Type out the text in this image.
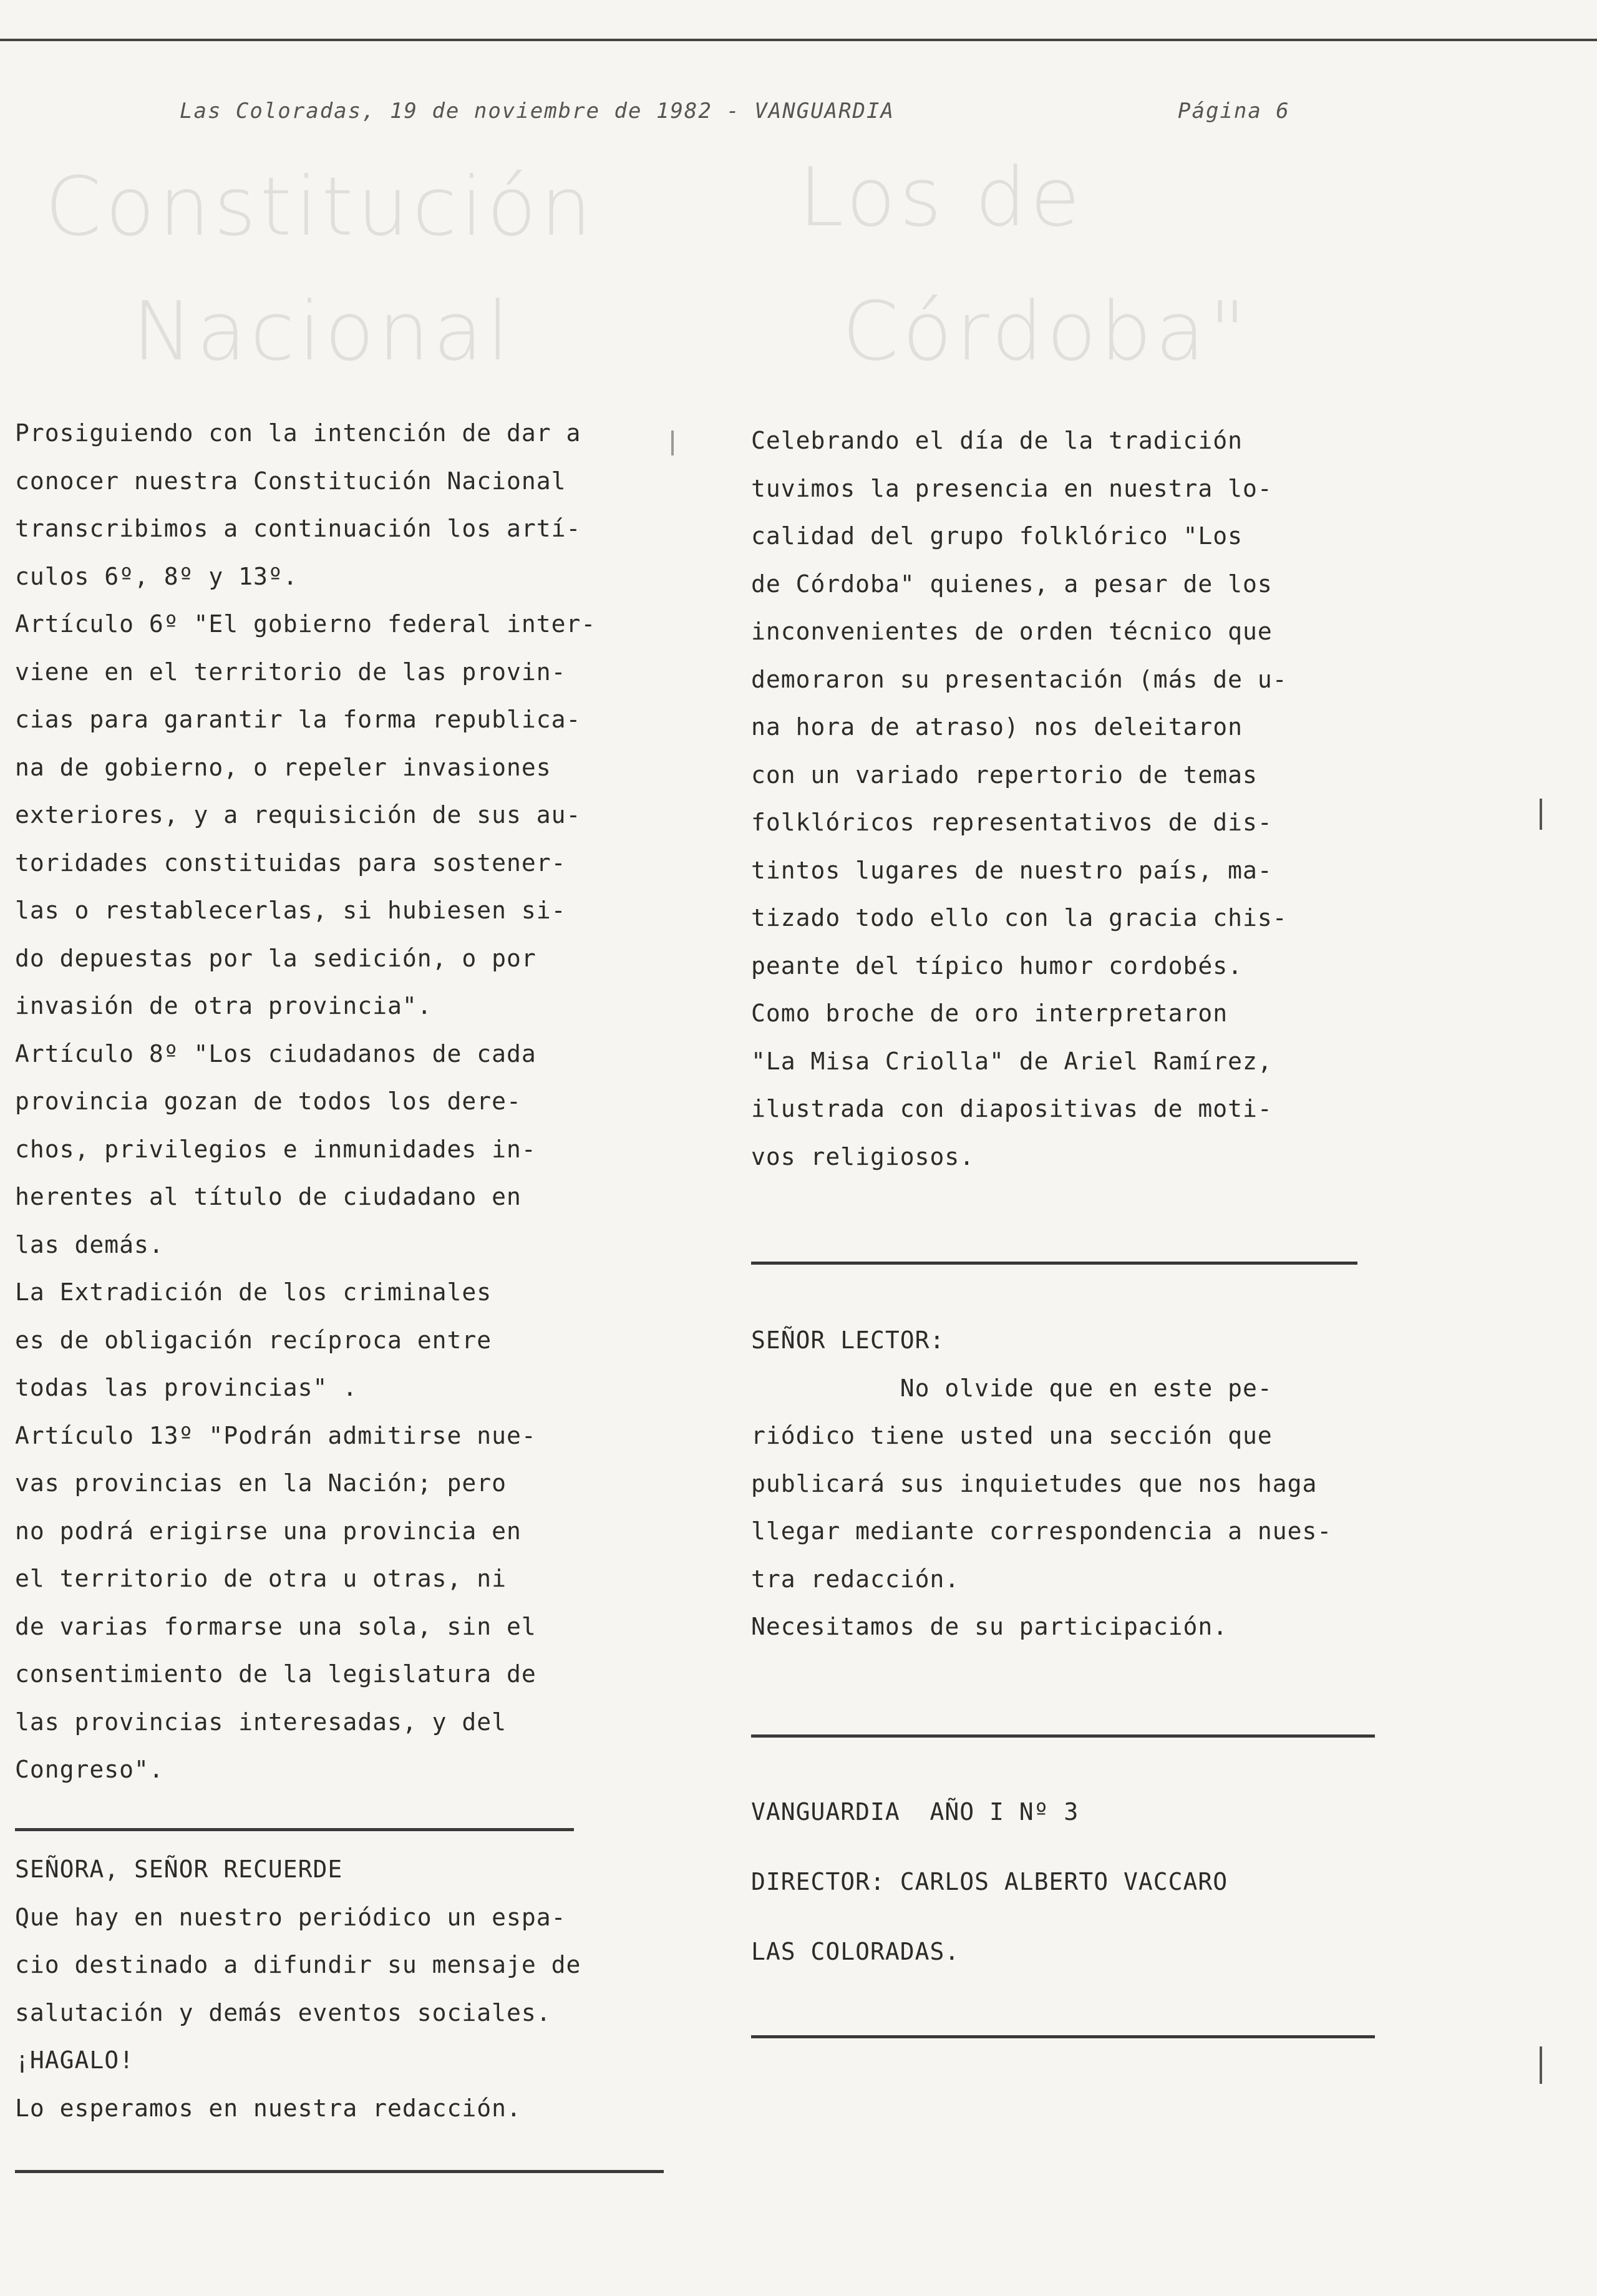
Las Coloradas, 19 de noviembre de 1982 - VANGUARDIA	Página 6
Constitución
Nacional
Los de
Córdoba"
Prosiguiendo con la intención de dar a
conocer nuestra Constitución Nacional
transcribimos a continuación los artí-
culos 6º, 8º y 13º.
Artículo 6º "El gobierno federal inter-
viene en el territorio de las provin-
cias para garantir la forma republica-
na de gobierno, o repeler invasiones
exteriores, y a requisición de sus au-
toridades constituidas para sostener-
las o restablecerlas, si hubiesen si-
do depuestas por la sedición, o por
invasión de otra provincia".
Artículo 8º "Los ciudadanos de cada
provincia gozan de todos los dere-
chos, privilegios e inmunidades in-
herentes al título de ciudadano en
las demás.
La Extradición de los criminales
es de obligación recíproca entre
todas las provincias" .
Artículo 13º "Podrán admitirse nue-
vas provincias en la Nación; pero
no podrá erigirse una provincia en
el territorio de otra u otras, ni
de varias formarse una sola, sin el
consentimiento de la legislatura de
las provincias interesadas, y del
Congreso".
SEÑORA, SEÑOR RECUERDE
Que hay en nuestro periódico un espa-
cio destinado a difundir su mensaje de
salutación y demás eventos sociales.
¡HAGALO!
Lo esperamos en nuestra redacción.
Celebrando el día de la tradición
tuvimos la presencia en nuestra lo-
calidad del grupo folklórico "Los
de Córdoba" quienes, a pesar de los
inconvenientes de orden técnico que
demoraron su presentación (más de u-
na hora de atraso) nos deleitaron
con un variado repertorio de temas
folklóricos representativos de dis-
tintos lugares de nuestro país, ma-
tizado todo ello con la gracia chis-
peante del típico humor cordobés.
Como broche de oro interpretaron
"La Misa Criolla" de Ariel Ramírez,
ilustrada con diapositivas de moti-
vos religiosos.
SEÑOR LECTOR:
No olvide que en este pe-
riódico tiene usted una sección que
publicará sus inquietudes que nos haga
llegar mediante correspondencia a nues-
tra redacción.
Necesitamos de su participación.
VANGUARDIA  AÑO I Nº 3
DIRECTOR: CARLOS ALBERTO VACCARO
LAS COLORADAS.
